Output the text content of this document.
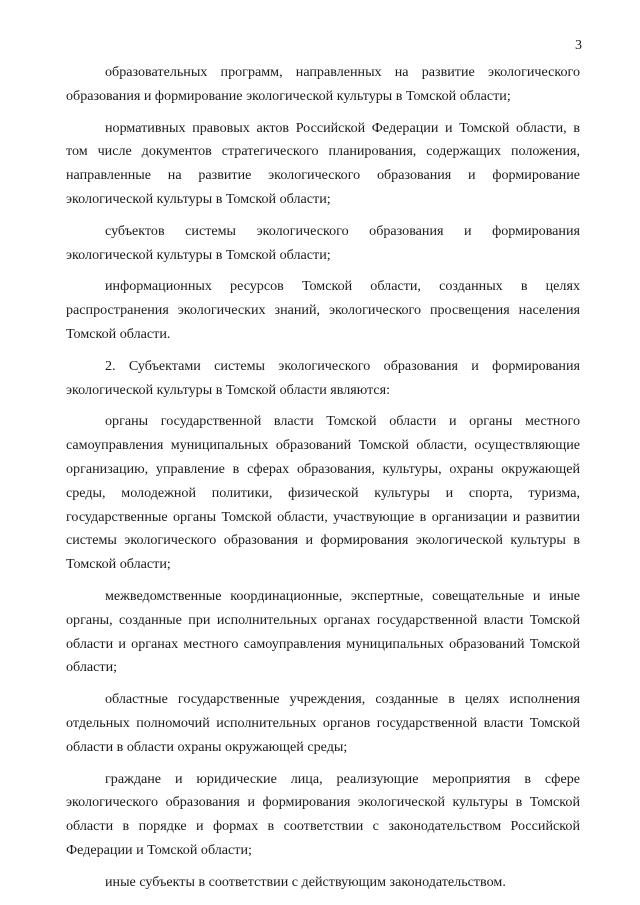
3

образовательных программ, направленных на развитие экологического образования и формирование экологической культуры в Томской области;

нормативных правовых актов Российской Федерации и Томской области, в том числе документов стратегического планирования, содержащих положения, направленные на развитие экологического образования и формирование экологической культуры в Томской области;

субъектов системы экологического образования и формирования экологической культуры в Томской области;

информационных ресурсов Томской области, созданных в целях распространения экологических знаний, экологического просвещения населения Томской области.

2. Субъектами системы экологического образования и формирования экологической культуры в Томской области являются:

органы государственной власти Томской области и органы местного самоуправления муниципальных образований Томской области, осуществляющие организацию, управление в сферах образования, культуры, охраны окружающей среды, молодежной политики, физической культуры и спорта, туризма, государственные органы Томской области, участвующие в организации и развитии системы экологического образования и формирования экологической культуры в Томской области;

межведомственные координационные, экспертные, совещательные и иные органы, созданные при исполнительных органах государственной власти Томской области и органах местного самоуправления муниципальных образований Томской области;

областные государственные учреждения, созданные в целях исполнения отдельных полномочий исполнительных органов государственной власти Томской области в области охраны окружающей среды;

граждане и юридические лица, реализующие мероприятия в сфере экологического образования и формирования экологической культуры в Томской области в порядке и формах в соответствии с законодательством Российской Федерации и Томской области;

иные субъекты в соответствии с действующим законодательством.
